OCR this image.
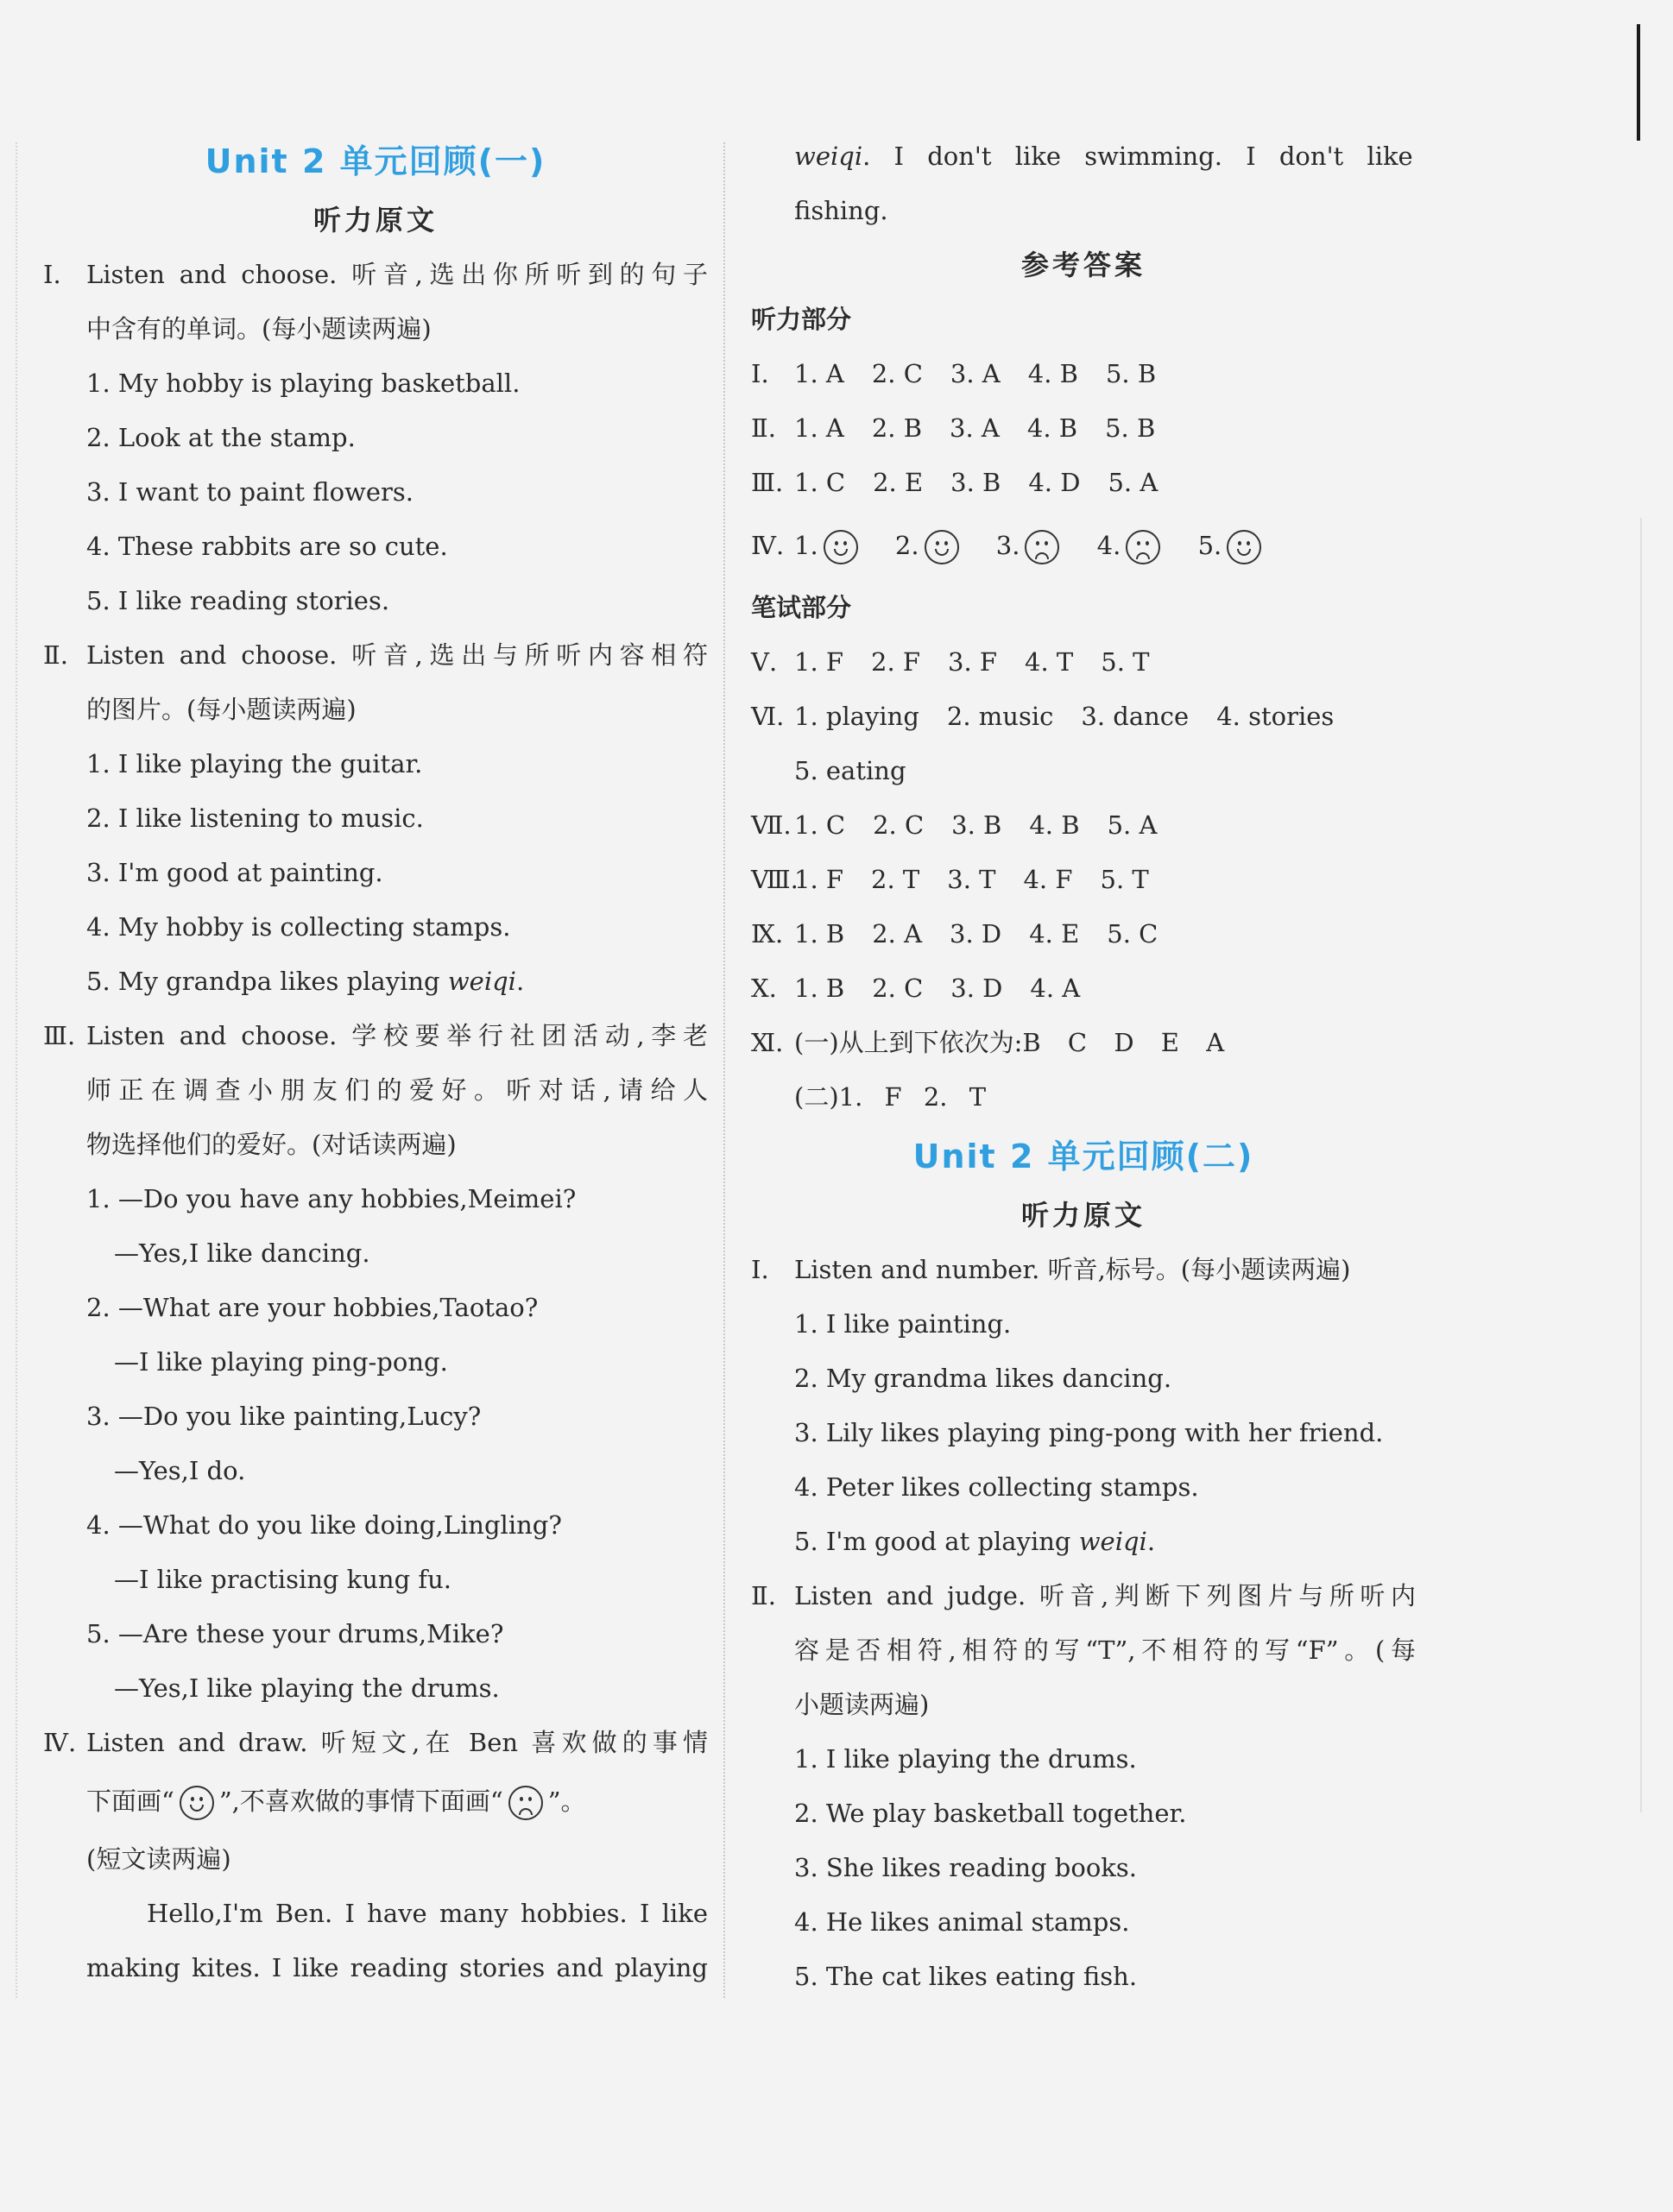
Unit 2 单元回顾(一)
听力原文
Ⅰ.	Listen and choose. 听音,选出你所听到的句子
中含有的单词。(每小题读两遍)
1. My hobby is playing basketball.
2. Look at the stamp.
3. I want to paint flowers.
4. These rabbits are so cute.
5. I like reading stories.
Ⅱ. Listen and choose. 听音,选出与所听内容相符
的图片。(每小题读两遍)
1. I like playing the guitar.
2. I like listening to music.
3. I'm good at painting.
4. My hobby is collecting stamps.
5. My grandpa likes playing weiqi.
Ⅲ. Listen and choose. 学校要举行社团活动,李老
师正在调查小朋友们的爱好。听对话,请给人
物选择他们的爱好。(对话读两遍)
1. —Do you have any hobbies,Meimei?
—Yes,I like dancing.
2. —What are your hobbies,Taotao?
—I like playing ping-pong.
3. —Do you like painting,Lucy?
—Yes,I do.
4. —What do you like doing,Lingling?
—I like practising kung fu.
5. —Are these your drums,Mike?
—Yes,I like playing the drums.
Ⅳ. Listen and draw. 听短文,在 Ben 喜欢做的事情
下面画“ ”,不喜欢做的事情下面画“ ”。
(短文读两遍)
Hello,I'm Ben. I have many hobbies. I like
making kites. I like reading stories and playing
weiqi. I don't like swimming. I don't like
fishing.
参考答案
听力部分
Ⅰ.	1. A 2. C 3. A 4. B 5. B
Ⅱ. 1. A 2. B 3. A 4. B 5. B
Ⅲ. 1. C 2. E 3. B 4. D 5. A
Ⅳ. 1.	2.	3.	4.	5.
笔试部分
Ⅴ. 1. F 2. F 3. F 4. T 5. T
Ⅵ. 1. playing 2. music 3. dance 4. stories
5. eating
Ⅶ. 1. C 2. C 3. B 4. B 5. A
Ⅷ.
1. F 2. T 3. T 4. F 5. T
Ⅸ. 1. B 2. A 3. D 4. E 5. C
Ⅹ. 1. B 2. C 3. D 4. A
Ⅺ. (一)从上到下依次为:B C D E A
(二)1. F 2. T
Unit 2 单元回顾(二)
听力原文
Ⅰ.	Listen and number. 听音,标号。(每小题读两遍)
1. I like painting.
2. My grandma likes dancing.
3. Lily likes playing ping-pong with her friend.
4. Peter likes collecting stamps.
5. I'm good at playing weiqi.
Ⅱ. Listen and judge. 听音,判断下列图片与所听内
容是否相符,相符的写“T”,不相符的写“F”。(每
小题读两遍)
1. I like playing the drums.
2. We play basketball together.
3. She likes reading books.
4. He likes animal stamps.
5. The cat likes eating fish.
